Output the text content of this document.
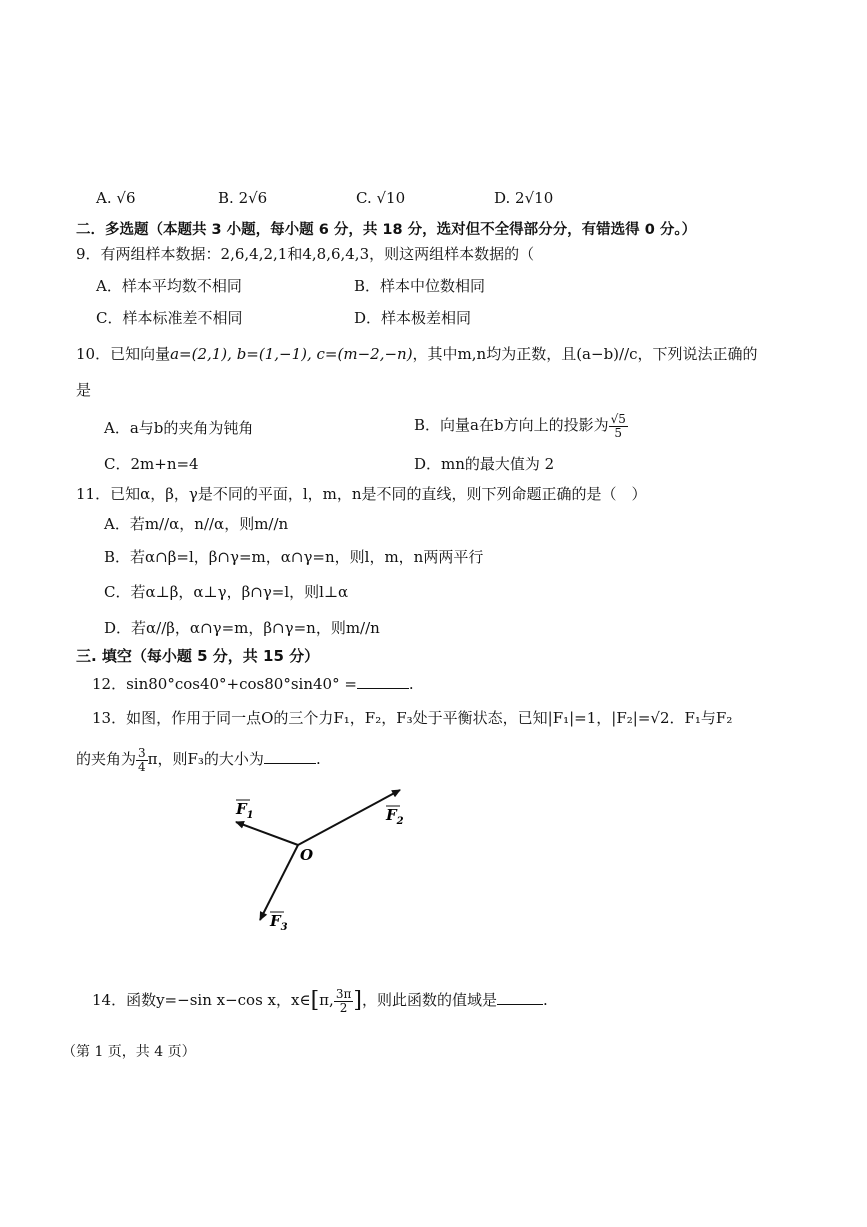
A. √6	B. 2√6	C. √10	D. 2√10
二．多选题（本题共 3 小题，每小题 6 分，共 18 分，选对但不全得部分分，有错选得 0 分。）
9．有两组样本数据：2,6,4,2,1和4,8,6,4,3，则这两组样本数据的（
A．样本平均数不相同	B．样本中位数相同
C．样本标准差不相同	D．样本极差相同
10．已知向量a=(2,1), b=(1,−1), c=(m−2,−n)，其中m,n均为正数，且(a−b)//c，下列说法正确的
是
A．a与b的夹角为钝角	B．向量a在b方向上的投影为 $\frac{√5}{5}$
C．2m+n=4	D．mn的最大值为 2
11．已知α，β，γ是不同的平面，l，m，n是不同的直线，则下列命题正确的是（　）
A．若m//α，n//α，则m//n
B．若α∩β=l，β∩γ=m，α∩γ=n，则l，m，n两两平行
C．若α⊥β，α⊥γ，β∩γ=l，则l⊥α
D．若α//β，α∩γ=m，β∩γ=n，则m//n
三. 填空（每小题 5 分，共 15 分）
12．sin80°cos40°+cos80°sin40° =	.
13．如图，作用于同一点O的三个力F₁，F₂，F₃处于平衡状态，已知|F₁|=1，|F₂|=√2．F₁与F₂
的夹角为 $\frac{3}{4}$ π，则F₃的大小为	.
$F_1$	$F_2$
$F_3$
O
14．函数y=−sin x−cos x，x∈[π, $\frac{3\pi}{2}$ ]，则此函数的值域是	.
（第 1 页，共 4 页）
